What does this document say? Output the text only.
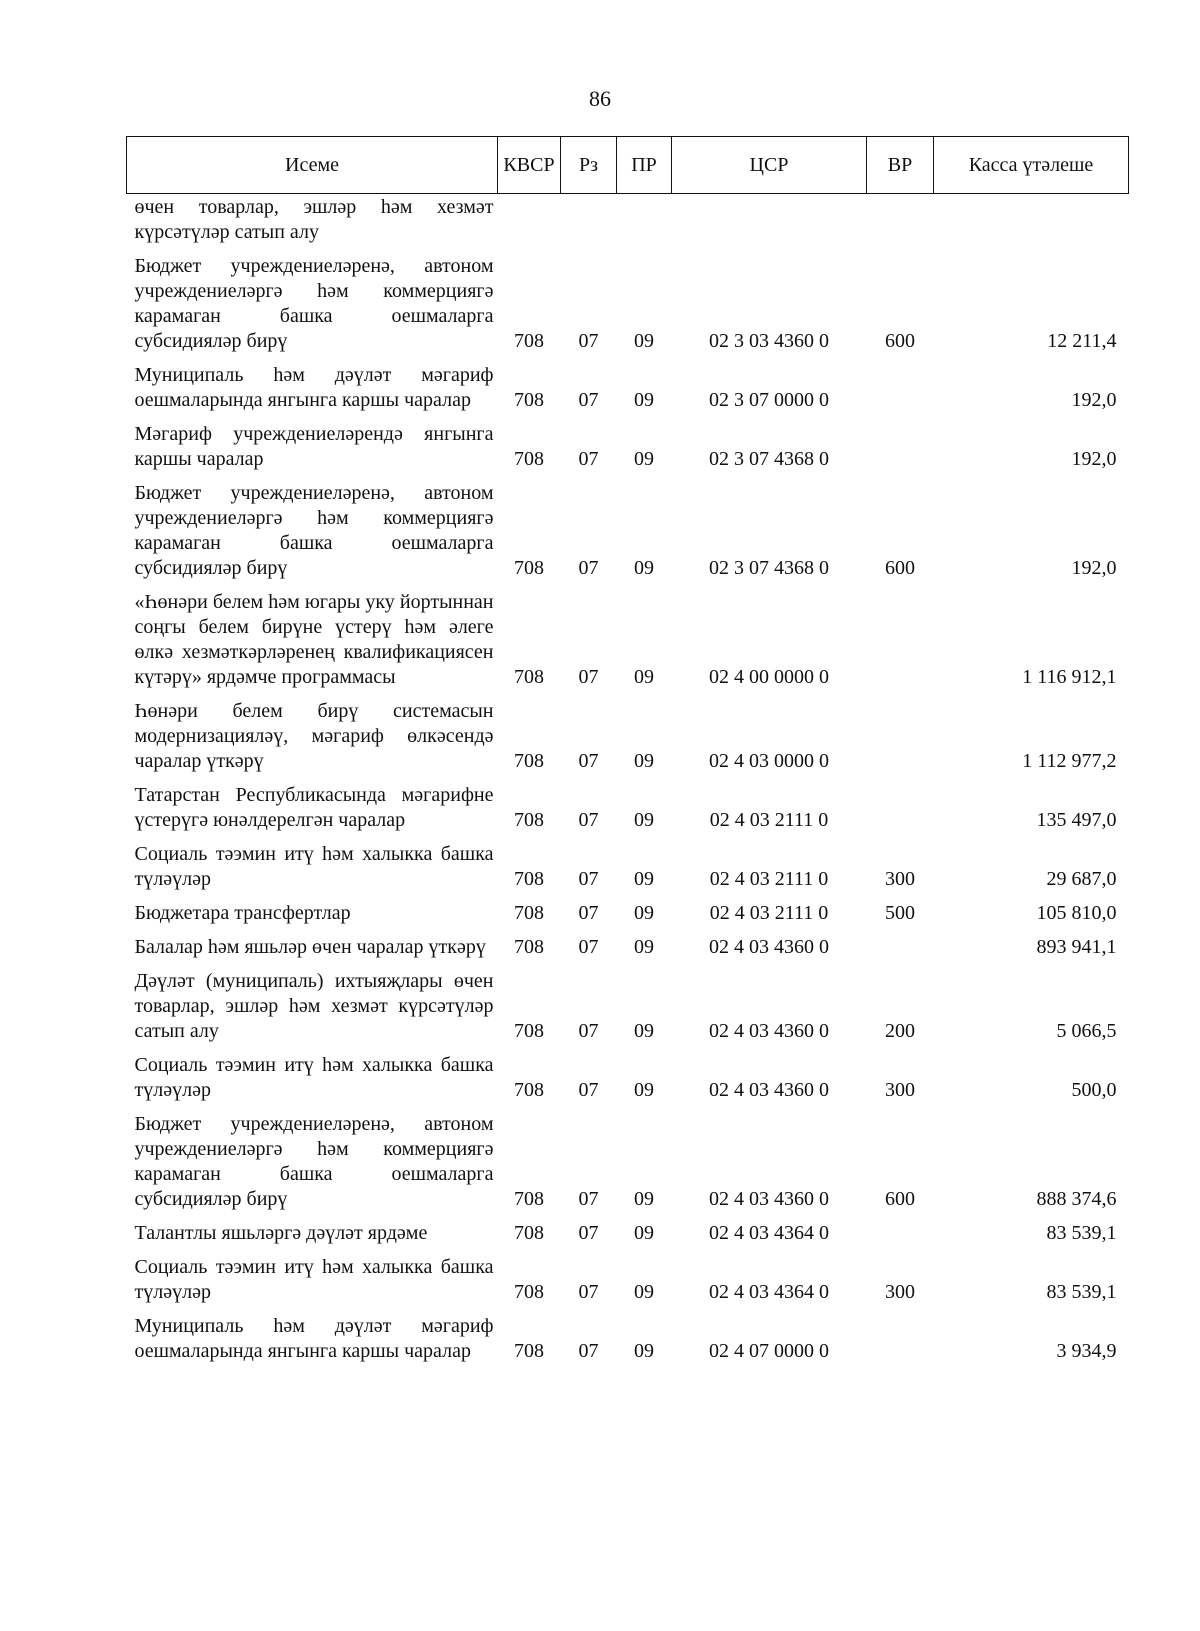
86
Исеме	КВСР	Рз	ПР	ЦСР	ВР	Касса үтәлеше
өчен товарлар, эшләр һәм хезмәт күрсәтүләр сатып алу						
Бюджет учреждениеләренә, автоном учреждениеләргә һәм коммерциягә карамаган башка оешмаларга субсидияләр бирү	708	07	09	02 3 03 4360 0	600	12 211,4
Муниципаль һәм дәүләт мәгариф оешмаларында янгынга каршы чаралар	708	07	09	02 3 07 0000 0		192,0
Мәгариф учреждениеләрендә янгынга каршы чаралар	708	07	09	02 3 07 4368 0		192,0
Бюджет учреждениеләренә, автоном учреждениеләргә һәм коммерциягә карамаган башка оешмаларга субсидияләр бирү	708	07	09	02 3 07 4368 0	600	192,0
«Һөнәри белем һәм югары уку йортыннан соңгы белем бирүне үстерү һәм әлеге өлкә хезмәткәрләренең квалификациясен күтәрү» ярдәмче программасы	708	07	09	02 4 00 0000 0		1 116 912,1
Һөнәри белем бирү системасын модернизацияләү, мәгариф өлкәсендә чаралар үткәрү	708	07	09	02 4 03 0000 0		1 112 977,2
Татарстан Республикасында мәгарифне үстерүгә юнәлдерелгән чаралар	708	07	09	02 4 03 2111 0		135 497,0
Социаль тәэмин итү һәм халыкка башка түләүләр	708	07	09	02 4 03 2111 0	300	29 687,0
Бюджетара трансфертлар	708	07	09	02 4 03 2111 0	500	105 810,0
Балалар һәм яшьләр өчен чаралар үткәрү	708	07	09	02 4 03 4360 0		893 941,1
Дәүләт (муниципаль) ихтыяҗлары өчен товарлар, эшләр һәм хезмәт күрсәтүләр сатып алу	708	07	09	02 4 03 4360 0	200	5 066,5
Социаль тәэмин итү һәм халыкка башка түләүләр	708	07	09	02 4 03 4360 0	300	500,0
Бюджет учреждениеләренә, автоном учреждениеләргә һәм коммерциягә карамаган башка оешмаларга субсидияләр бирү	708	07	09	02 4 03 4360 0	600	888 374,6
Талантлы яшьләргә дәүләт ярдәме	708	07	09	02 4 03 4364 0		83 539,1
Социаль тәэмин итү һәм халыкка башка түләүләр	708	07	09	02 4 03 4364 0	300	83 539,1
Муниципаль һәм дәүләт мәгариф оешмаларында янгынга каршы чаралар	708	07	09	02 4 07 0000 0		3 934,9
